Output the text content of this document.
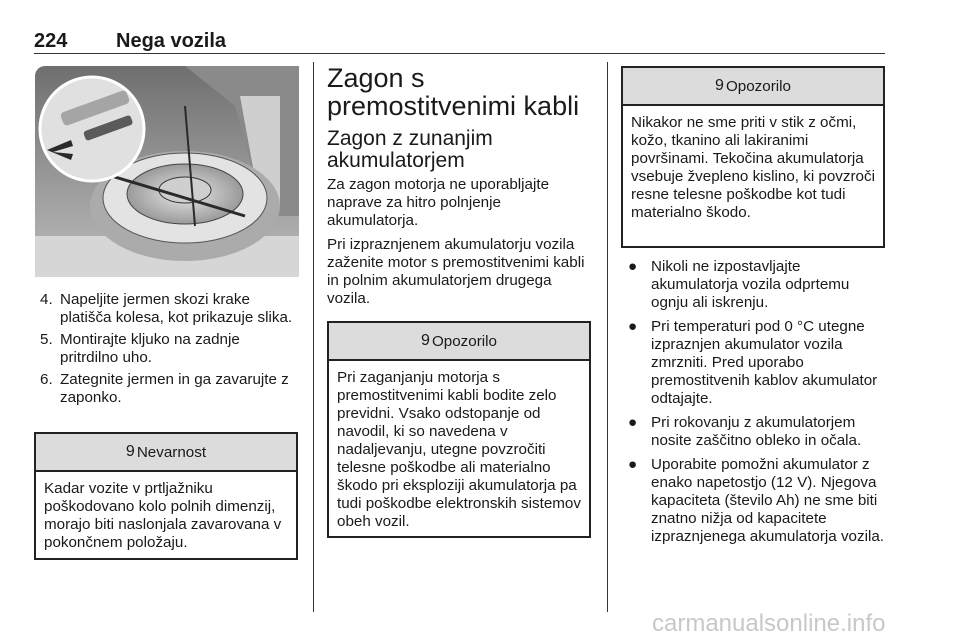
224 Nega vozila
4. Napeljite jermen skozi krake platišča kolesa, kot prikazuje slika.
5. Montirajte kljuko na zadnje pritrdilno uho.
6. Zategnite jermen in ga zavarujte z zaponko.
9 Nevarnost
Kadar vozite v prtljažniku poškodovano kolo polnih dimenzij, morajo biti naslonjala zavarovana v pokončnem položaju.
Zagon s premostitvenimi kabli
Zagon z zunanjim akumulatorjem

Za zagon motorja ne uporabljajte naprave za hitro polnjenje akumulatorja.

Pri izpraznjenem akumulatorju vozila zaženite motor s premostitvenimi kabli in polnim akumulatorjem drugega vozila.

9 Opozorilo
Pri zaganjanju motorja s premostitvenimi kabli bodite zelo previdni. Vsako odstopanje od navodil, ki so navedena v nadaljevanju, utegne povzročiti telesne poškodbe ali materialno škodo pri eksploziji akumulatorja pa tudi poškodbe elektronskih sistemov obeh vozil.
9 Opozorilo
Nikakor ne sme priti v stik z očmi, kožo, tkanino ali lakiranimi površinami. Tekočina akumulatorja vsebuje žveplenо kislino, ki povzroči resne telesne poškodbe kot tudi materialno škodo.
● Nikoli ne izpostavljajte akumulatorja vozila odprtemu ognju ali iskrenju.
● Pri temperaturi pod 0 °C utegne izpraznjen akumulator vozila zmrzniti. Pred uporabo premostitvenih kablov akumulator odtajajte.
● Pri rokovanju z akumulatorjem nosite zaščitno obleko in očala.
● Uporabite pomožni akumulator z enako napetostjo (12 V). Njegova kapaciteta (število Ah) ne sme biti znatno nižja od kapacitete izpraznjenega akumulatorja vozila.
carmanualsonline.info
